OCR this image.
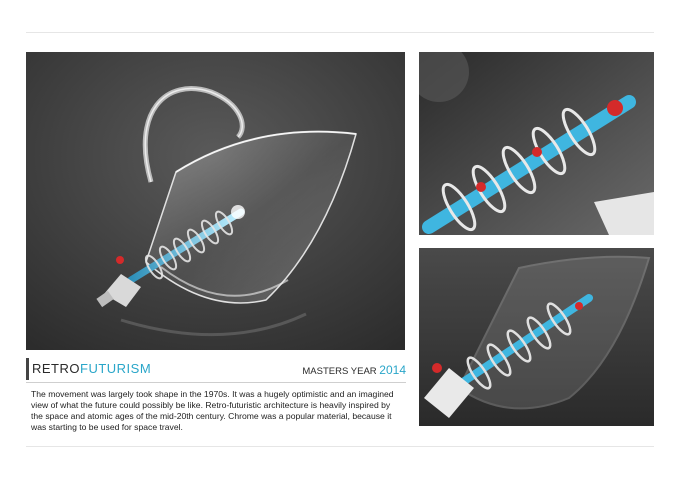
RETROFUTURISM	MASTERS YEAR 2014
The movement was largely took shape in the 1970s. It was a hugely optimistic and an imagined view of what the future could possibly be like. Retro-futuristic architecture is heavily inspired by the space and atomic ages of the mid-20th century. Chrome was a popular material, because it was starting to be used for space travel.
